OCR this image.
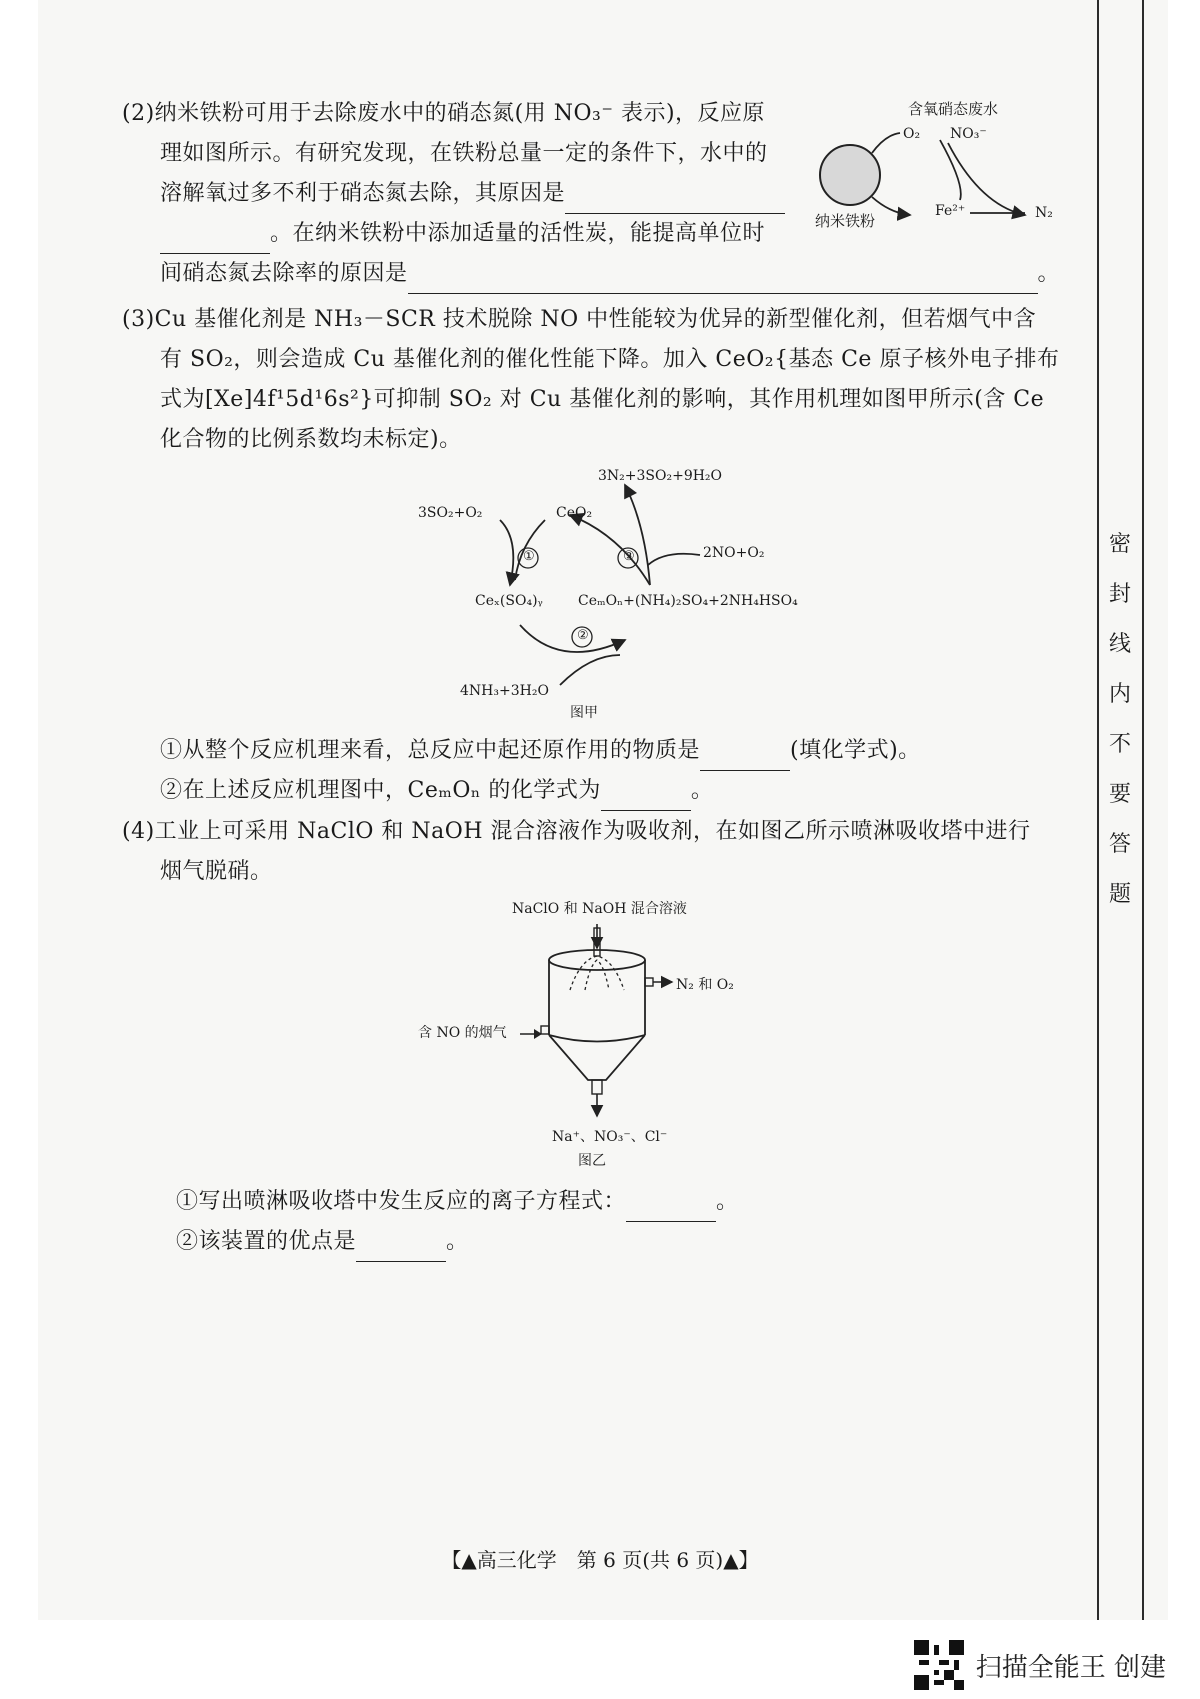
密
封
线
内
不
要
答
题
(2)纳米铁粉可用于去除废水中的硝态氮(用 NO₃⁻ 表示)，反应原
理如图所示。有研究发现，在铁粉总量一定的条件下，水中的
溶解氧过多不利于硝态氮去除，其原因是
。在纳米铁粉中添加适量的活性炭，能提高单位时
间硝态氮去除率的原因是	。
含氧硝态废水
O₂ NO₃⁻
Fe²⁺	N₂
纳米铁粉
(3)Cu 基催化剂是 NH₃－SCR 技术脱除 NO 中性能较为优异的新型催化剂，但若烟气中含
有 SO₂，则会造成 Cu 基催化剂的催化性能下降。加入 CeO₂{基态 Ce 原子核外电子排布
式为[Xe]4f¹5d¹6s²}可抑制 SO₂ 对 Cu 基催化剂的影响，其作用机理如图甲所示(含 Ce
化合物的比例系数均未标定)。
3N₂+3SO₂+9H₂O
3SO₂+O₂	CeO₂
2NO+O₂
①
②
③
Ceₓ(SO₄)ᵧ	CeₘOₙ+(NH₄)₂SO₄+2NH₄HSO₄
4NH₃+3H₂O
图甲
①从整个反应机理来看，总反应中起还原作用的物质是	(填化学式)。
②在上述反应机理图中，CeₘOₙ 的化学式为	。
(4)工业上可采用 NaClO 和 NaOH 混合溶液作为吸收剂，在如图乙所示喷淋吸收塔中进行
烟气脱硝。
NaClO 和 NaOH 混合溶液
N₂ 和 O₂
含 NO 的烟气
Na⁺、NO₃⁻、Cl⁻
图乙
①写出喷淋吸收塔中发生反应的离子方程式：	。
②该装置的优点是	。
【▲高三化学　第 6 页(共 6 页)▲】
扫描全能王 创建
